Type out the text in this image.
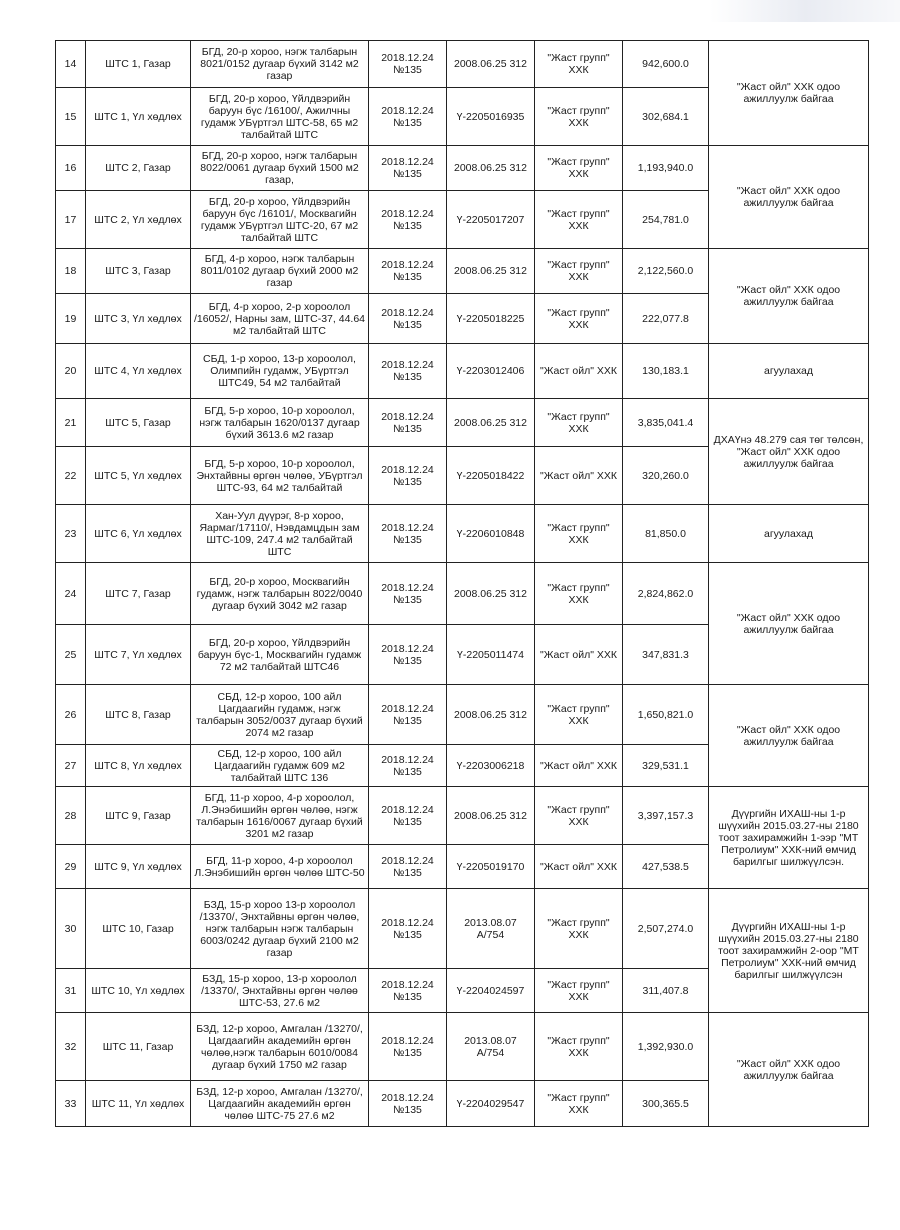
14	ШТС 1, Газар	БГД, 20-р хороо, нэгж талбарын 8021/0152 дугаар бүхий 3142 м2 газар	2018.12.24 №135	2008.06.25 312	"Жаст групп" ХХК	942,600.0	"Жаст ойл" ХХК одоо ажиллуулж байгаа
15	ШТС 1, Үл хөдлөх	БГД, 20-р хороо, Үйлдвэрийн баруун бүс /16100/, Ажилчны гудамж УБүртгэл ШТС-58, 65 м2 талбайтай ШТС	2018.12.24 №135	Ү-2205016935	"Жаст групп" ХХК	302,684.1	
16	ШТС 2, Газар	БГД, 20-р хороо, нэгж талбарын 8022/0061 дугаар бүхий 1500 м2 газар,	2018.12.24 №135	2008.06.25 312	"Жаст групп" ХХК	1,193,940.0	"Жаст ойл" ХХК одоо ажиллуулж байгаа
17	ШТС 2, Үл хөдлөх	БГД, 20-р хороо, Үйлдвэрийн баруун бүс /16101/, Москвагийн гудамж УБүртгэл ШТС-20, 67 м2 талбайтай ШТС	2018.12.24 №135	Ү-2205017207	"Жаст групп" ХХК	254,781.0	
18	ШТС 3, Газар	БГД, 4-р хороо, нэгж талбарын 8011/0102 дугаар бүхий 2000 м2 газар	2018.12.24 №135	2008.06.25 312	"Жаст групп" ХХК	2,122,560.0	"Жаст ойл" ХХК одоо ажиллуулж байгаа
19	ШТС 3, Үл хөдлөх	БГД, 4-р хороо, 2-р хороолол /16052/, Нарны зам, ШТС-37, 44.64 м2 талбайтай ШТС	2018.12.24 №135	Ү-2205018225	"Жаст групп" ХХК	222,077.8	
20	ШТС 4, Үл хөдлөх	СБД, 1-р хороо, 13-р хороолол, Олимпийн гудамж, УБүртгэл ШТС49, 54 м2 талбайтай	2018.12.24 №135	Ү-2203012406	"Жаст ойл" ХХК	130,183.1	агуулахад
21	ШТС 5, Газар	БГД, 5-р хороо, 10-р хороолол, нэгж талбарын 1620/0137 дугаар бүхий 3613.6 м2 газар	2018.12.24 №135	2008.06.25 312	"Жаст групп" ХХК	3,835,041.4	ДХАҮнэ 48.279 сая төг төлсөн, "Жаст ойл" ХХК одоо ажиллуулж байгаа
22	ШТС 5, Үл хөдлөх	БГД, 5-р хороо, 10-р хороолол, Энхтайвны өргөн чөлөө, УБүртгэл ШТС-93, 64 м2 талбайтай	2018.12.24 №135	Ү-2205018422	"Жаст ойл" ХХК	320,260.0	
23	ШТС 6, Үл хөдлөх	Хан-Уул дүүрэг, 8-р хороо, Яармаг/17110/, Нэвдамцдын зам ШТС-109, 247.4 м2 талбайтай ШТС	2018.12.24 №135	Ү-2206010848	"Жаст групп" ХХК	81,850.0	агуулахад
24	ШТС 7, Газар	БГД, 20-р хороо, Москвагийн гудамж, нэгж талбарын 8022/0040 дугаар бүхий 3042 м2 газар	2018.12.24 №135	2008.06.25 312	"Жаст групп" ХХК	2,824,862.0	"Жаст ойл" ХХК одоо ажиллуулж байгаа
25	ШТС 7, Үл хөдлөх	БГД, 20-р хороо, Үйлдвэрийн баруун бүс-1, Москвагийн гудамж 72 м2 талбайтай ШТС46	2018.12.24 №135	Ү-2205011474	"Жаст ойл" ХХК	347,831.3	
26	ШТС 8, Газар	СБД, 12-р хороо, 100 айл Цагдаагийн гудамж, нэгж талбарын 3052/0037 дугаар бүхий 2074 м2 газар	2018.12.24 №135	2008.06.25 312	"Жаст групп" ХХК	1,650,821.0	"Жаст ойл" ХХК одоо ажиллуулж байгаа
27	ШТС 8, Үл хөдлөх	СБД, 12-р хороо, 100 айл Цагдаагийн гудамж 609 м2 талбайтай ШТС 136	2018.12.24 №135	Ү-2203006218	"Жаст ойл" ХХК	329,531.1	
28	ШТС 9, Газар	БГД, 11-р хороо, 4-р хороолол, Л.Энэбишийн өргөн чөлөө, нэгж талбарын 1616/0067 дугаар бүхий 3201 м2 газар	2018.12.24 №135	2008.06.25 312	"Жаст групп" ХХК	3,397,157.3	Дүүргийн ИХАШ-ны 1-р шүүхийн 2015.03.27-ны 2180 тоот захирамжийн 1-ээр "МТ Петролиум" ХХК-ний өмчид барилгыг шилжүүлсэн.
29	ШТС 9, Үл хөдлөх	БГД, 11-р хороо, 4-р хороолол Л.Энэбишийн өргөн чөлөө ШТС-50	2018.12.24 №135	Ү-2205019170	"Жаст ойл" ХХК	427,538.5	
30	ШТС 10, Газар	БЗД, 15-р хороо 13-р хороолол /13370/, Энхтайвны өргөн чөлөө, нэгж талбарын нэгж талбарын 6003/0242 дугаар бүхий 2100 м2 газар	2018.12.24 №135	2013.08.07 А/754	"Жаст групп" ХХК	2,507,274.0	Дүүргийн ИХАШ-ны 1-р шүүхийн 2015.03.27-ны 2180 тоот захирамжийн 2-оор "МТ Петролиум" ХХК-ний өмчид барилгыг шилжүүлсэн
31	ШТС 10, Үл хөдлөх	БЗД, 15-р хороо, 13-р хороолол /13370/, Энхтайвны өргөн чөлөө ШТС-53, 27.6 м2	2018.12.24 №135	Ү-2204024597	"Жаст групп" ХХК	311,407.8	
32	ШТС 11, Газар	БЗД, 12-р хороо, Амгалан /13270/, Цагдаагийн академийн өргөн чөлөө,нэгж талбарын 6010/0084 дугаар бүхий 1750 м2 газар	2018.12.24 №135	2013.08.07 А/754	"Жаст групп" ХХК	1,392,930.0	"Жаст ойл" ХХК одоо ажиллуулж байгаа
33	ШТС 11, Үл хөдлөх	БЗД, 12-р хороо, Амгалан /13270/, Цагдаагийн академийн өргөн чөлөө ШТС-75 27.6 м2	2018.12.24 №135	Ү-2204029547	"Жаст групп" ХХК	300,365.5	
